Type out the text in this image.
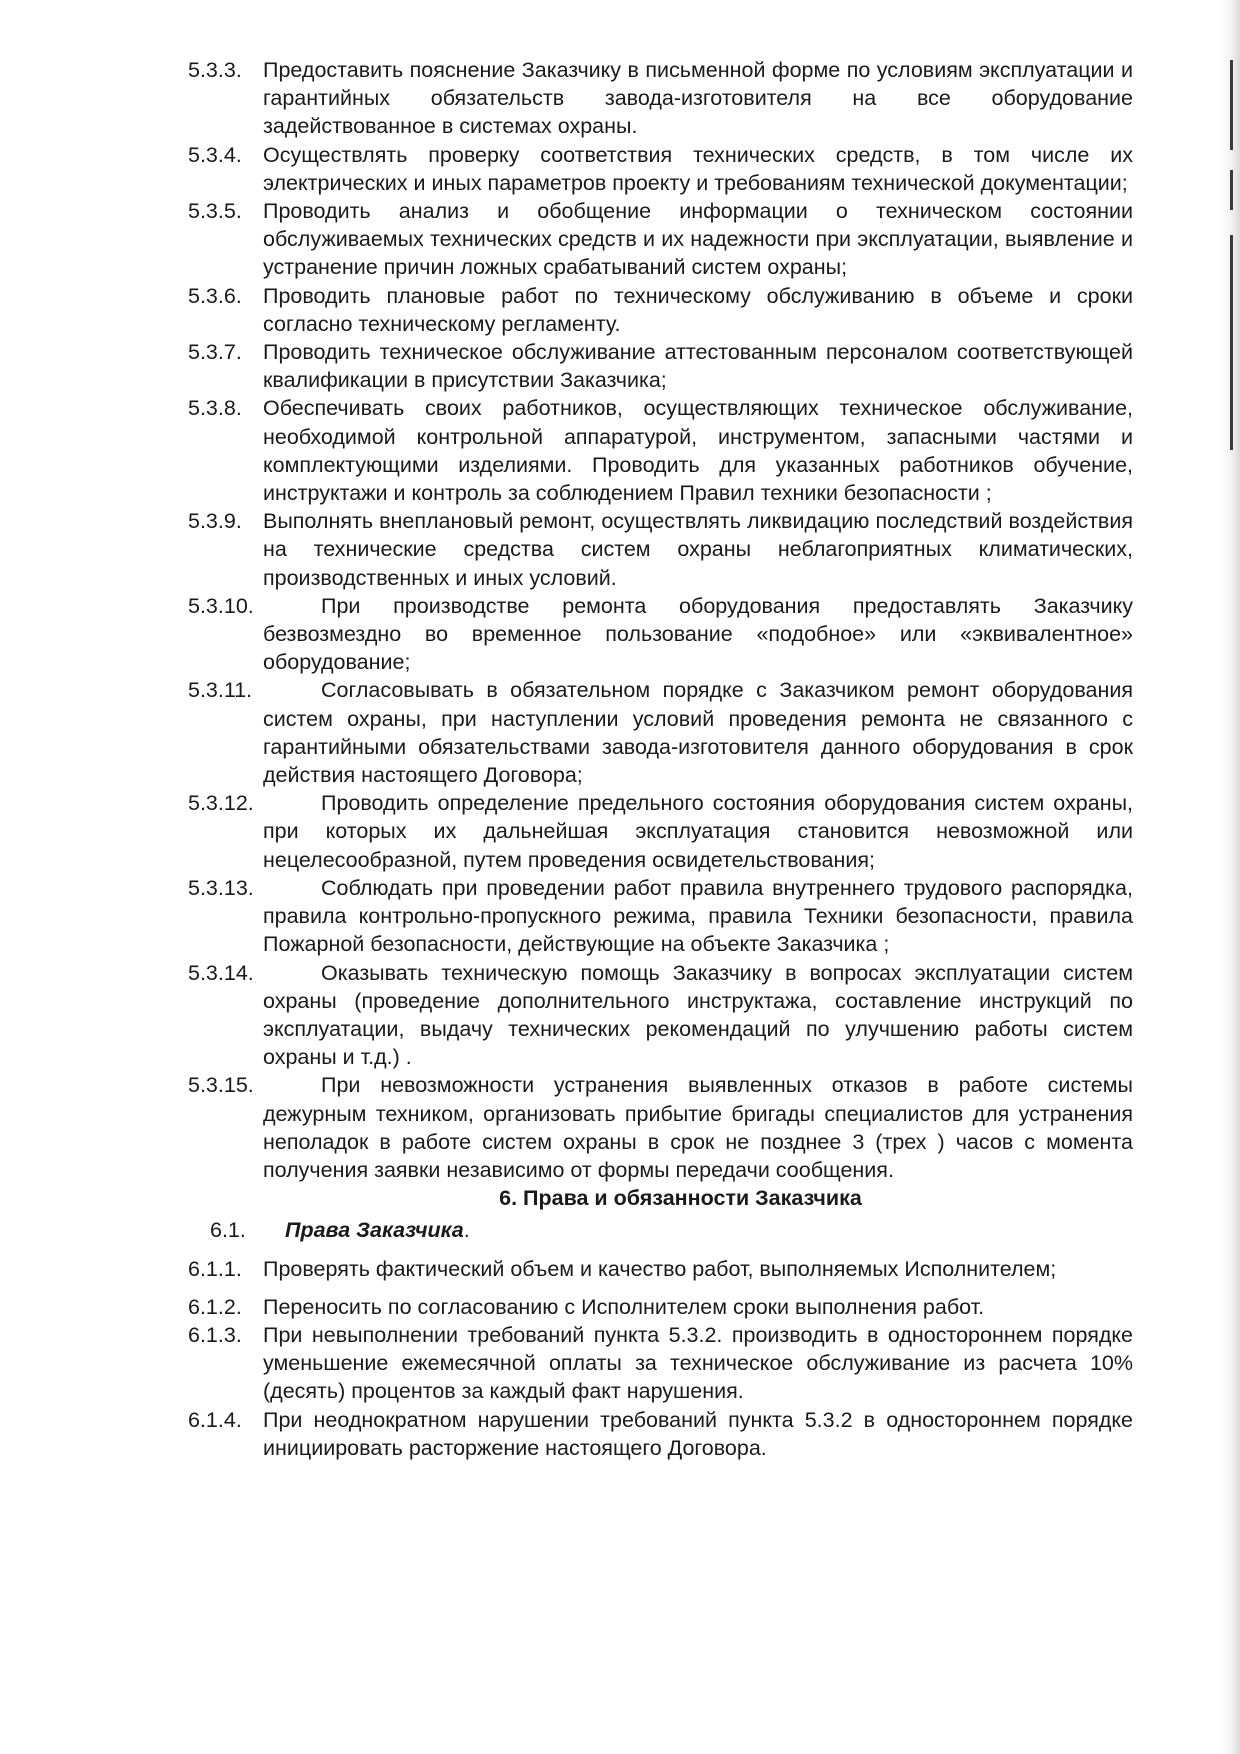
5.3.3. Предоставить пояснение Заказчику в письменной форме по условиям эксплуатации и гарантийных обязательств завода-изготовителя на все оборудование задействованное в системах охраны.
5.3.4. Осуществлять проверку соответствия технических средств, в том числе их электрических и иных параметров проекту и требованиям технической документации;
5.3.5. Проводить анализ и обобщение информации о техническом состоянии обслуживаемых технических средств и их надежности при эксплуатации, выявление и устранение причин ложных срабатываний систем охраны;
5.3.6. Проводить плановые работ по техническому обслуживанию в объеме и сроки согласно техническому регламенту.
5.3.7. Проводить техническое обслуживание аттестованным персоналом соответствующей квалификации в присутствии Заказчика;
5.3.8. Обеспечивать своих работников, осуществляющих техническое обслуживание, необходимой контрольной аппаратурой, инструментом, запасными частями и комплектующими изделиями. Проводить для указанных работников обучение, инструктажи и контроль за соблюдением Правил техники безопасности ;
5.3.9. Выполнять внеплановый ремонт, осуществлять ликвидацию последствий воздействия на технические средства систем охраны неблагоприятных климатических, производственных и иных условий.
5.3.10.	При производстве ремонта оборудования предоставлять Заказчику безвозмездно во временное пользование «подобное» или «эквивалентное» оборудование;
5.3.11.	Согласовывать в обязательном порядке с Заказчиком ремонт оборудования систем охраны, при наступлении условий проведения ремонта не связанного с гарантийными обязательствами завода-изготовителя данного оборудования в срок действия настоящего Договора;
5.3.12.	Проводить определение предельного состояния оборудования систем охраны, при которых их дальнейшая эксплуатация становится невозможной или нецелесообразной, путем проведения освидетельствования;
5.3.13.	Соблюдать при проведении работ правила внутреннего трудового распорядка, правила контрольно-пропускного режима, правила Техники безопасности, правила Пожарной безопасности, действующие на объекте Заказчика ;
5.3.14.	Оказывать техническую помощь Заказчику в вопросах эксплуатации систем охраны (проведение дополнительного инструктажа, составление инструкций по эксплуатации, выдачу технических рекомендаций по улучшению работы систем охраны и т.д.) .
5.3.15.	При невозможности устранения выявленных отказов в работе системы дежурным техником, организовать прибытие бригады специалистов для устранения неполадок в работе систем охраны в срок не позднее 3 (трех ) часов с момента получения заявки независимо от формы передачи сообщения.
6. Права и обязанности Заказчика
6.1.	Права Заказчика.
6.1.1. Проверять фактический объем и качество работ, выполняемых Исполнителем;
6.1.2. Переносить по согласованию с Исполнителем сроки выполнения работ.
6.1.3. При невыполнении требований пункта 5.3.2. производить в одностороннем порядке уменьшение ежемесячной оплаты за техническое обслуживание из расчета 10% (десять) процентов за каждый факт нарушения.
6.1.4. При неоднократном нарушении требований пункта 5.3.2 в одностороннем порядке инициировать расторжение настоящего Договора.
